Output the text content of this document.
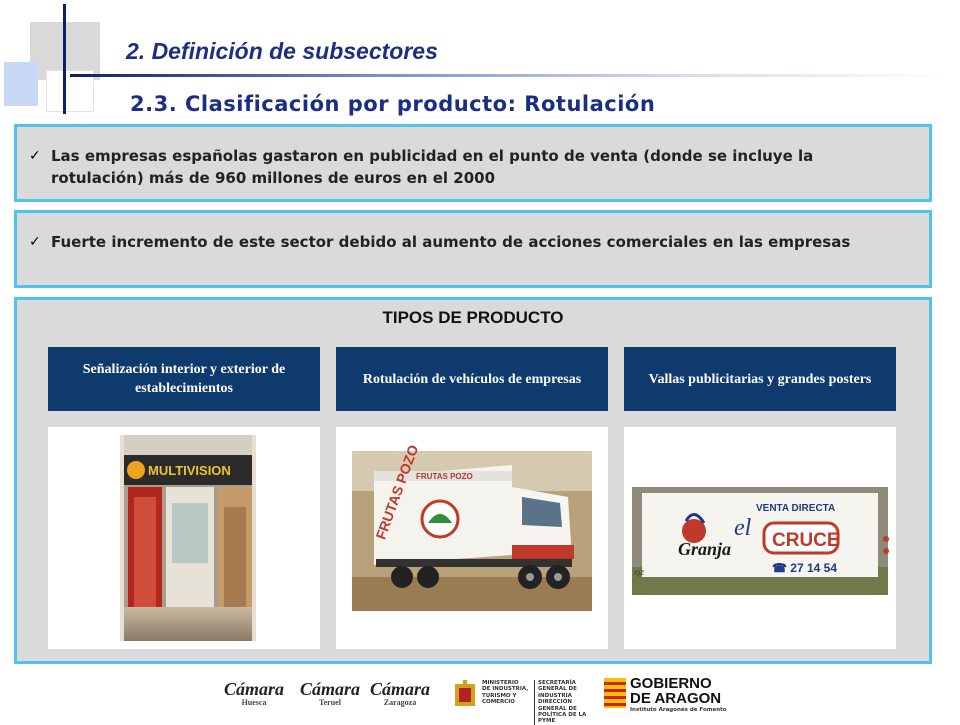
2. Definición de subsectores
2.3. Clasificación por producto: Rotulación
✓ Las empresas españolas gastaron en publicidad en el punto de venta (donde se incluye la rotulación) más de 960 millones de euros en el 2000
✓ Fuerte incremento de este sector debido al aumento de acciones comerciales en las empresas
TIPOS DE PRODUCTO
Señalización interior y exterior de establecimientos
Rotulación de vehículos de empresas	Vallas publicitarias y grandes posters
MULTIVISION	FRUTAS POZO
FRUTAS POZO
IQZ
Granja
VENTA DIRECTA
el CRUCE
☎ 27 14 54
Cámara
Huesca
Cámara
Teruel
Cámara
Zaragoza
MINISTERIO
DE INDUSTRIA,
TURISMO Y
COMERCIO
SECRETARÍA GENERAL DE
INDUSTRIA
DIRECCIÓN GENERAL DE
POLÍTICA DE LA PYME
GOBIERNO
DE ARAGON
Instituto Aragonés de Fomento
